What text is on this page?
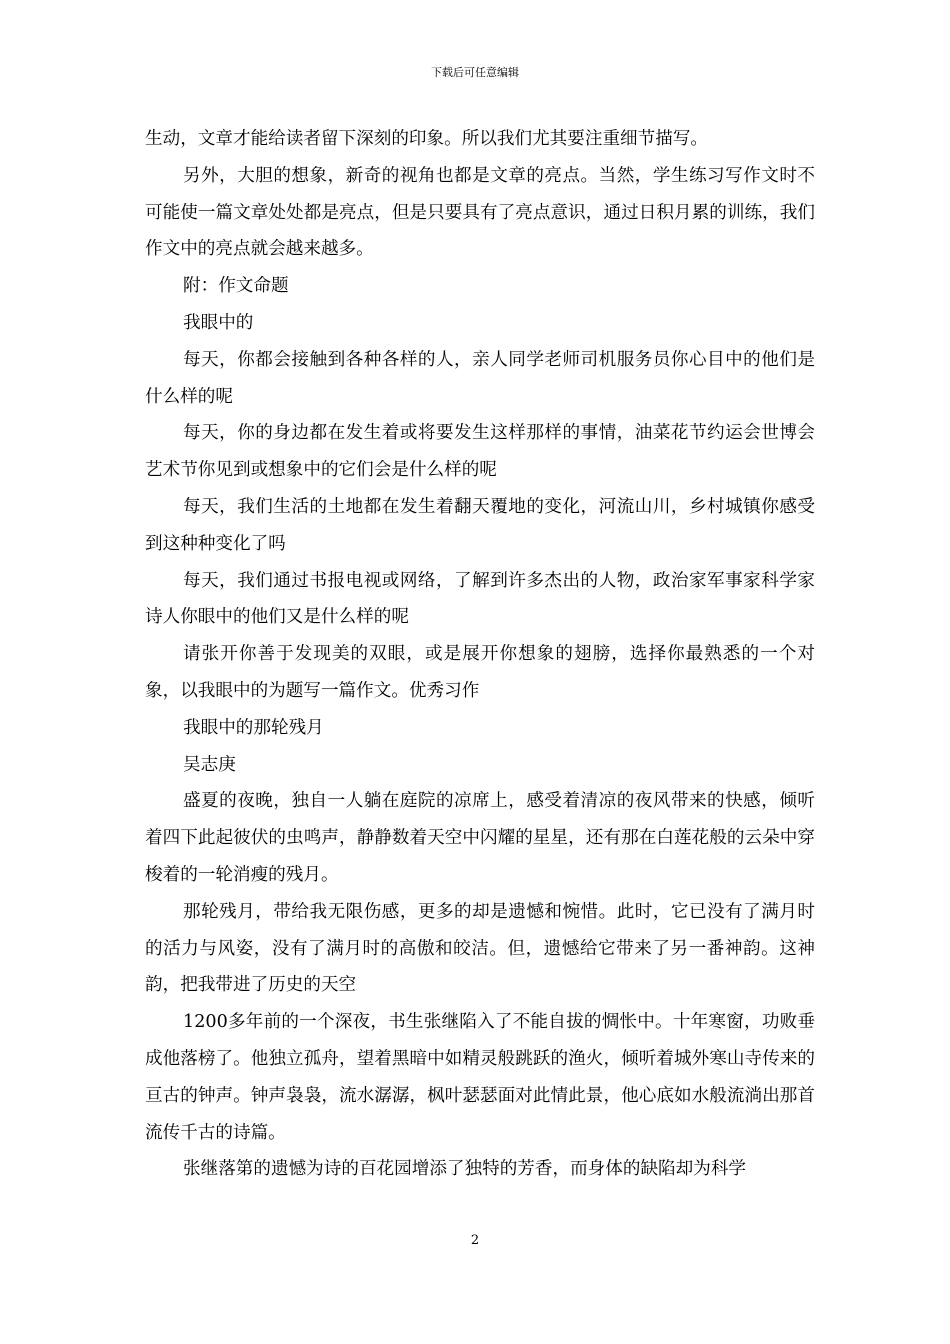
下载后可任意编辑

生动，文章才能给读者留下深刻的印象。所以我们尤其要注重细节描写。

另外，大胆的想象，新奇的视角也都是文章的亮点。当然，学生练习写作文时不可能使一篇文章处处都是亮点，但是只要具有了亮点意识，通过日积月累的训练，我们作文中的亮点就会越来越多。

附：作文命题

我眼中的

每天，你都会接触到各种各样的人，亲人同学老师司机服务员你心目中的他们是什么样的呢

每天，你的身边都在发生着或将要发生这样那样的事情，油菜花节约运会世博会艺术节你见到或想象中的它们会是什么样的呢

每天，我们生活的土地都在发生着翻天覆地的变化，河流山川，乡村城镇你感受到这种种变化了吗

每天，我们通过书报电视或网络，了解到许多杰出的人物，政治家军事家科学家诗人你眼中的他们又是什么样的呢

请张开你善于发现美的双眼，或是展开你想象的翅膀，选择你最熟悉的一个对象，以我眼中的为题写一篇作文。优秀习作

我眼中的那轮残月

吴志庚

盛夏的夜晚，独自一人躺在庭院的凉席上，感受着清凉的夜风带来的快感，倾听着四下此起彼伏的虫鸣声，静静数着天空中闪耀的星星，还有那在白莲花般的云朵中穿梭着的一轮消瘦的残月。

那轮残月，带给我无限伤感，更多的却是遗憾和惋惜。此时，它已没有了满月时的活力与风姿，没有了满月时的高傲和皎洁。但，遗憾给它带来了另一番神韵。这神韵，把我带进了历史的天空

1200多年前的一个深夜，书生张继陷入了不能自拔的惆怅中。十年寒窗，功败垂成他落榜了。他独立孤舟，望着黑暗中如精灵般跳跃的渔火，倾听着城外寒山寺传来的亘古的钟声。钟声袅袅，流水潺潺，枫叶瑟瑟面对此情此景，他心底如水般流淌出那首流传千古的诗篇。

张继落第的遗憾为诗的百花园增添了独特的芳香，而身体的缺陷却为科学

2
